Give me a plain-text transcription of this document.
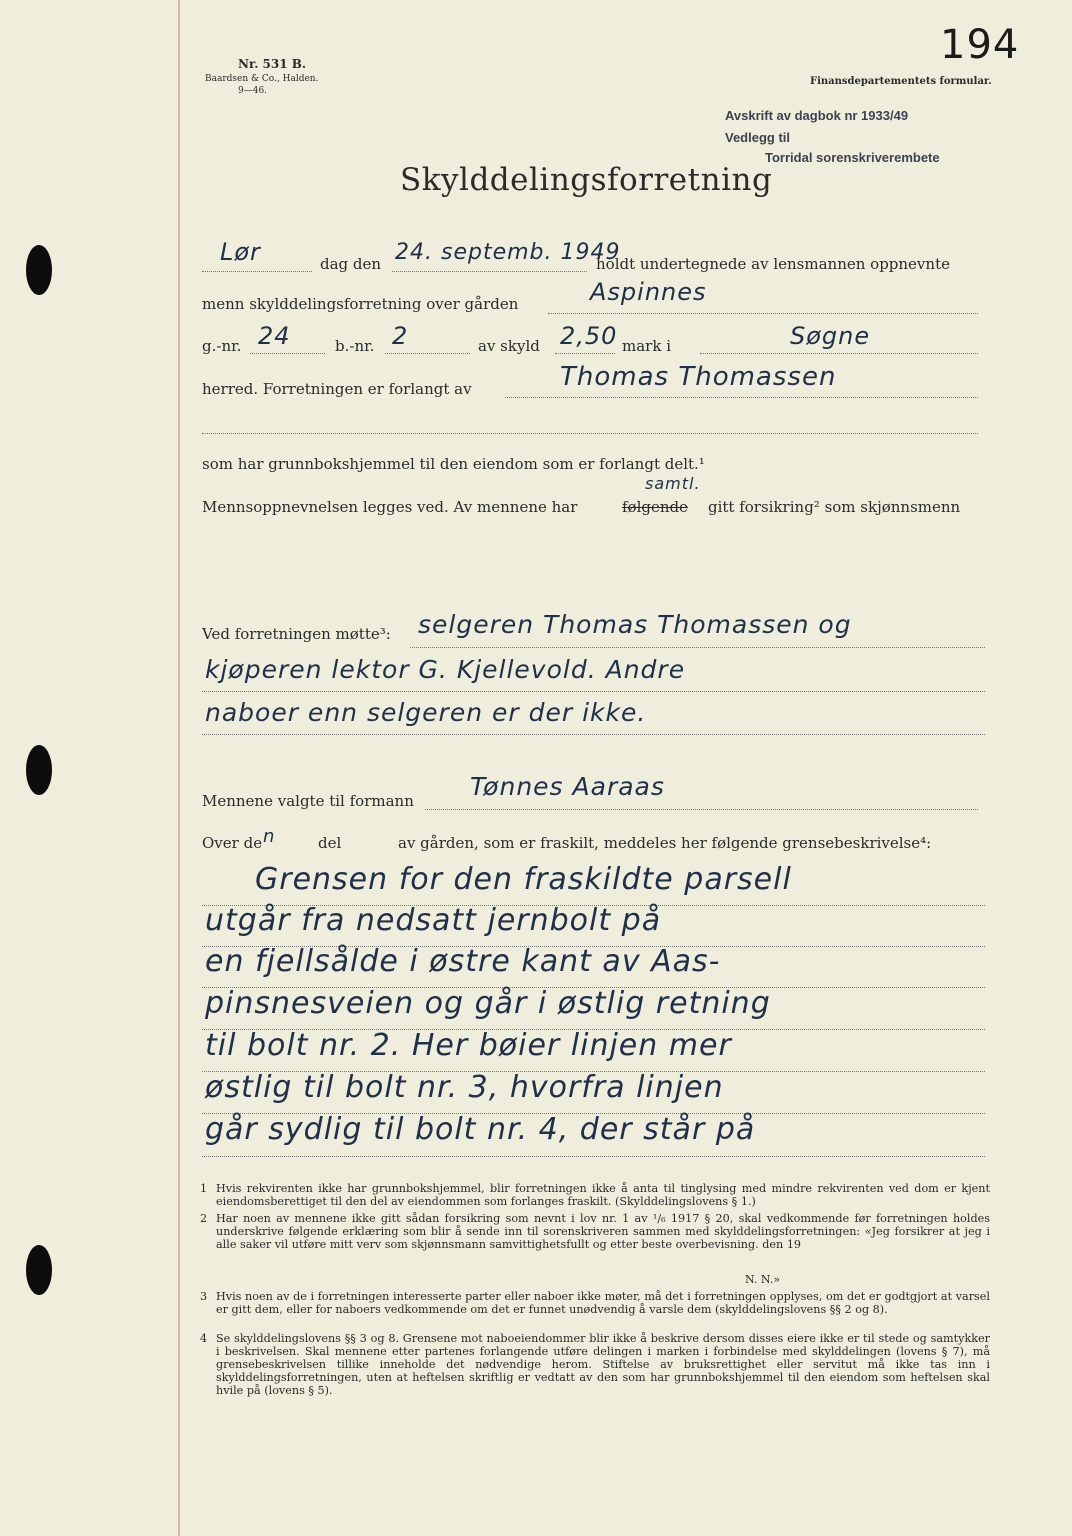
Nr. 531 B.
Baardsen & Co., Halden.
9—46.
Finansdepartementets formular.
194
Avskrift av dagbok nr 1933/49
Vedlegg til
Torridal sorenskriverembete
Skylddelingsforretning
Lør	dag den 24. septemb. 1949
holdt undertegnede av lensmannen oppnevnte
menn skylddelingsforretning over gården	Aspinnes
g.-nr. 24	b.-nr. 2	av skyld 2,50 mark i	Søgne
herred. Forretningen er forlangt av	Thomas Thomassen
som har grunnbokshjemmel til den eiendom som er forlangt delt.¹
Mennsoppnevnelsen legges ved. Av mennene har
samtl.
følgende gitt forsikring² som skjønnsmenn
Ved forretningen møtte³: selgeren Thomas Thomassen og
kjøperen lektor G. Kjellevold. Andre
naboer enn selgeren er der ikke.
Mennene valgte til formann Tønnes Aaraas
Over de n	del	av gården, som er fraskilt, meddeles her følgende grensebeskrivelse⁴:
Grensen for den fraskildte parsell
utgår fra nedsatt jernbolt på
en fjellsålde i østre kant av Aas-
pinsnesveien og går i østlig retning
til bolt nr. 2. Her bøier linjen mer
østlig til bolt nr. 3, hvorfra linjen
går sydlig til bolt nr. 4, der står på
1 Hvis rekvirenten ikke har grunnbokshjemmel, blir forretningen ikke å anta til tinglysing med mindre rekvirenten ved dom er kjent eiendomsberettiget til den del av eiendommen som forlanges fraskilt. (Skylddelingslovens § 1.)
2 Har noen av mennene ikke gitt sådan forsikring som nevnt i lov nr. 1 av ¹/₆ 1917 § 20, skal vedkommende før forretningen holdes underskrive følgende erklæring som blir å sende inn til sorenskriveren sammen med skylddelingsforretningen: «Jeg forsikrer at jeg i alle saker vil utføre mitt verv som skjønnsmann samvittighetsfullt og etter beste overbevisning. den 19
N. N.»
3 Hvis noen av de i forretningen interesserte parter eller naboer ikke møter, må det i forretningen opplyses, om det er godtgjort at varsel er gitt dem, eller for naboers vedkommende om det er funnet unødvendig å varsle dem (skylddelingslovens §§ 2 og 8).
4 Se skylddelingslovens §§ 3 og 8. Grensene mot naboeiendommer blir ikke å beskrive dersom disses eiere ikke er til stede og samtykker i beskrivelsen. Skal mennene etter partenes forlangende utføre delingen i marken i forbindelse med skylddelingen (lovens § 7), må grensebeskrivelsen tillike inneholde det nødvendige herom. Stiftelse av bruksrettighet eller servitut må ikke tas inn i skylddelingsforretningen, uten at heftelsen skriftlig er vedtatt av den som har grunnbokshjemmel til den eiendom som heftelsen skal hvile på (lovens § 5).
